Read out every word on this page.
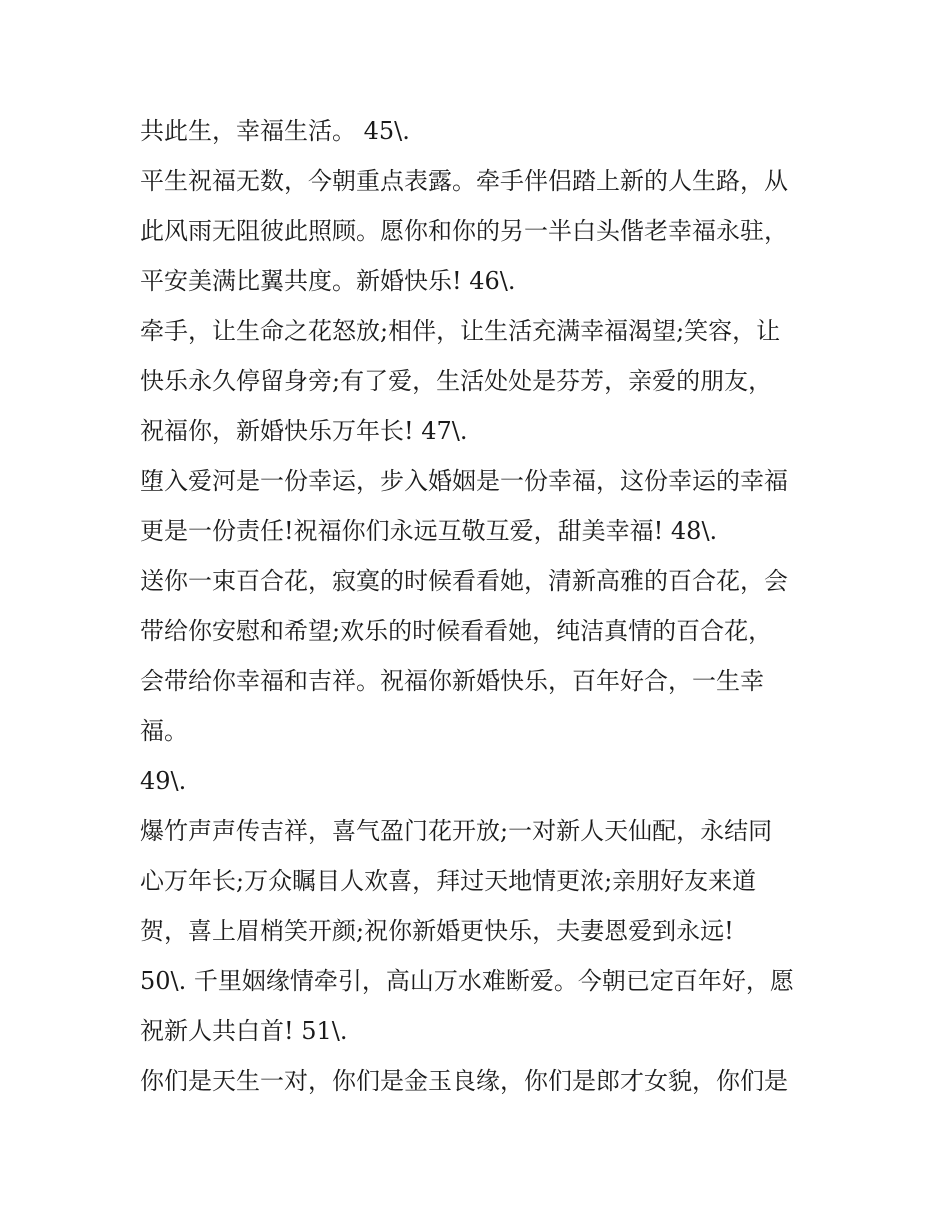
共此生，幸福生活。 45\.
平生祝福无数，今朝重点表露。牵手伴侣踏上新的人生路，从
此风雨无阻彼此照顾。愿你和你的另一半白头偕老幸福永驻，
平安美满比翼共度。新婚快乐! 46\.
牵手，让生命之花怒放;相伴，让生活充满幸福渴望;笑容，让
快乐永久停留身旁;有了爱，生活处处是芬芳，亲爱的朋友，
祝福你，新婚快乐万年长! 47\.
堕入爱河是一份幸运，步入婚姻是一份幸福，这份幸运的幸福
更是一份责任!祝福你们永远互敬互爱，甜美幸福! 48\.
送你一束百合花，寂寞的时候看看她，清新高雅的百合花，会
带给你安慰和希望;欢乐的时候看看她，纯洁真情的百合花，
会带给你幸福和吉祥。祝福你新婚快乐，百年好合，一生幸
福。
49\.
爆竹声声传吉祥，喜气盈门花开放;一对新人天仙配，永结同
心万年长;万众瞩目人欢喜，拜过天地情更浓;亲朋好友来道
贺，喜上眉梢笑开颜;祝你新婚更快乐，夫妻恩爱到永远!
50\. 千里姻缘情牵引，高山万水难断爱。今朝已定百年好，愿
祝新人共白首! 51\.
你们是天生一对，你们是金玉良缘，你们是郎才女貌，你们是
